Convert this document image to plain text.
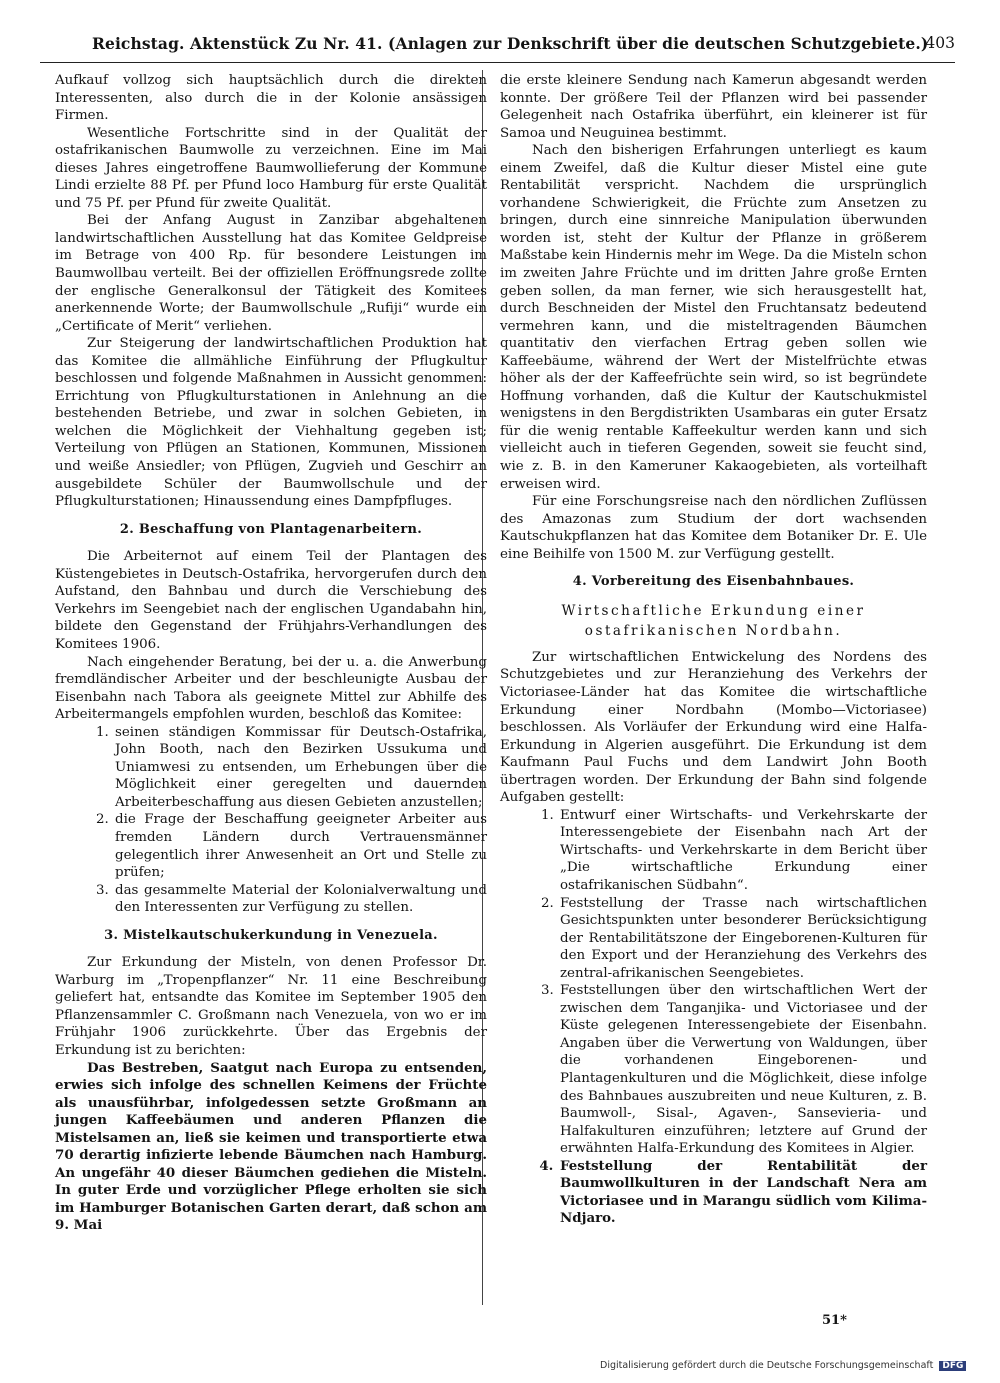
Reichstag. Aktenstück Zu Nr. 41. (Anlagen zur Denkschrift über die deutschen Schutzgebiete.)
403

Aufkauf vollzog sich hauptsächlich durch die direkten Interessenten, also durch die in der Kolonie ansässigen Firmen.

Wesentliche Fortschritte sind in der Qualität der ostafrikanischen Baumwolle zu verzeichnen. Eine im Mai dieses Jahres eingetroffene Baumwollieferung der Kommune Lindi erzielte 88 Pf. per Pfund loco Hamburg für erste Qualität und 75 Pf. per Pfund für zweite Qualität.

Bei der Anfang August in Zanzibar abgehaltenen landwirtschaftlichen Ausstellung hat das Komitee Geldpreise im Betrage von 400 Rp. für besondere Leistungen im Baumwollbau verteilt. Bei der offiziellen Eröffnungsrede zollte der englische Generalkonsul der Tätigkeit des Komitees anerkennende Worte; der Baumwollschule „Rufiji“ wurde ein „Certificate of Merit“ verliehen.

Zur Steigerung der landwirtschaftlichen Produktion hat das Komitee die allmähliche Einführung der Pflugkultur beschlossen und folgende Maßnahmen in Aussicht genommen: Errichtung von Pflugkulturstationen in Anlehnung an die bestehenden Betriebe, und zwar in solchen Gebieten, in welchen die Möglichkeit der Viehhaltung gegeben ist; Verteilung von Pflügen an Stationen, Kommunen, Missionen und weiße Ansiedler; von Pflügen, Zugvieh und Geschirr an ausgebildete Schüler der Baumwollschule und der Pflugkulturstationen; Hinaussendung eines Dampfpfluges.

2. Beschaffung von Plantagenarbeitern.

Die Arbeiternot auf einem Teil der Plantagen des Küstengebietes in Deutsch-Ostafrika, hervorgerufen durch den Aufstand, den Bahnbau und durch die Verschiebung des Verkehrs im Seengebiet nach der englischen Ugandabahn hin, bildete den Gegenstand der Frühjahrs-Verhandlungen des Komitees 1906.

Nach eingehender Beratung, bei der u. a. die Anwerbung fremdländischer Arbeiter und der beschleunigte Ausbau der Eisenbahn nach Tabora als geeignete Mittel zur Abhilfe des Arbeitermangels empfohlen wurden, beschloß das Komitee:

1. seinen ständigen Kommissar für Deutsch-Ostafrika, John Booth, nach den Bezirken Ussukuma und Uniamwesi zu entsenden, um Erhebungen über die Möglichkeit einer geregelten und dauernden Arbeiterbeschaffung aus diesen Gebieten anzustellen;
2. die Frage der Beschaffung geeigneter Arbeiter aus fremden Ländern durch Vertrauensmänner gelegentlich ihrer Anwesenheit an Ort und Stelle zu prüfen;
3. das gesammelte Material der Kolonialverwaltung und den Interessenten zur Verfügung zu stellen.
3. Mistelkautschukerkundung in Venezuela.

Zur Erkundung der Misteln, von denen Professor Dr. Warburg im „Tropenpflanzer“ Nr. 11 eine Beschreibung geliefert hat, entsandte das Komitee im September 1905 den Pflanzensammler C. Großmann nach Venezuela, von wo er im Frühjahr 1906 zurückkehrte. Über das Ergebnis der Erkundung ist zu berichten:

Das Bestreben, Saatgut nach Europa zu entsenden, erwies sich infolge des schnellen Keimens der Früchte als unausführbar, infolgedessen setzte Großmann an jungen Kaffeebäumen und anderen Pflanzen die Mistelsamen an, ließ sie keimen und transportierte etwa 70 derartig infizierte lebende Bäumchen nach Hamburg. An ungefähr 40 dieser Bäumchen gediehen die Misteln. In guter Erde und vorzüglicher Pflege erholten sie sich im Hamburger Botanischen Garten derart, daß schon am 9. Mai

die erste kleinere Sendung nach Kamerun abgesandt werden konnte. Der größere Teil der Pflanzen wird bei passender Gelegenheit nach Ostafrika überführt, ein kleinerer ist für Samoa und Neuguinea bestimmt.

Nach den bisherigen Erfahrungen unterliegt es kaum einem Zweifel, daß die Kultur dieser Mistel eine gute Rentabilität verspricht. Nachdem die ursprünglich vorhandene Schwierigkeit, die Früchte zum Ansetzen zu bringen, durch eine sinnreiche Manipulation überwunden worden ist, steht der Kultur der Pflanze in größerem Maßstabe kein Hindernis mehr im Wege. Da die Misteln schon im zweiten Jahre Früchte und im dritten Jahre große Ernten geben sollen, da man ferner, wie sich herausgestellt hat, durch Beschneiden der Mistel den Fruchtansatz bedeutend vermehren kann, und die misteltragenden Bäumchen quantitativ den vierfachen Ertrag geben sollen wie Kaffeebäume, während der Wert der Mistelfrüchte etwas höher als der der Kaffeefrüchte sein wird, so ist begründete Hoffnung vorhanden, daß die Kultur der Kautschukmistel wenigstens in den Bergdistrikten Usambaras ein guter Ersatz für die wenig rentable Kaffeekultur werden kann und sich vielleicht auch in tieferen Gegenden, soweit sie feucht sind, wie z. B. in den Kameruner Kakaogebieten, als vorteilhaft erweisen wird.

Für eine Forschungsreise nach den nördlichen Zuflüssen des Amazonas zum Studium der dort wachsenden Kautschukpflanzen hat das Komitee dem Botaniker Dr. E. Ule eine Beihilfe von 1500 M. zur Verfügung gestellt.

4. Vorbereitung des Eisenbahnbaues.
Wirtschaftliche Erkundung einer ostafrikanischen Nordbahn.

Zur wirtschaftlichen Entwickelung des Nordens des Schutzgebietes und zur Heranziehung des Verkehrs der Victoriasee-Länder hat das Komitee die wirtschaftliche Erkundung einer Nordbahn (Mombo—Victoriasee) beschlossen. Als Vorläufer der Erkundung wird eine Halfa-Erkundung in Algerien ausgeführt. Die Erkundung ist dem Kaufmann Paul Fuchs und dem Landwirt John Booth übertragen worden. Der Erkundung der Bahn sind folgende Aufgaben gestellt:

1. Entwurf einer Wirtschafts- und Verkehrskarte der Interessengebiete der Eisenbahn nach Art der Wirtschafts- und Verkehrskarte in dem Bericht über „Die wirtschaftliche Erkundung einer ostafrikanischen Südbahn“.
2. Feststellung der Trasse nach wirtschaftlichen Gesichtspunkten unter besonderer Berücksichtigung der Rentabilitätszone der Eingeborenen-Kulturen für den Export und der Heranziehung des Verkehrs des zentral-afrikanischen Seengebietes.
3. Feststellungen über den wirtschaftlichen Wert der zwischen dem Tanganjika- und Victoriasee und der Küste gelegenen Interessengebiete der Eisenbahn. Angaben über die Verwertung von Waldungen, über die vorhandenen Eingeborenen- und Plantagenkulturen und die Möglichkeit, diese infolge des Bahnbaues auszubreiten und neue Kulturen, z. B. Baumwoll-, Sisal-, Agaven-, Sansevieria- und Halfakulturen einzuführen; letztere auf Grund der erwähnten Halfa-Erkundung des Komitees in Algier.
4. Feststellung der Rentabilität der Baumwollkulturen in der Landschaft Nera am Victoriasee und in Marangu südlich vom Kilima-Ndjaro.
51*
Digitalisierung gefördert durch die Deutsche Forschungsgemeinschaft DFG
